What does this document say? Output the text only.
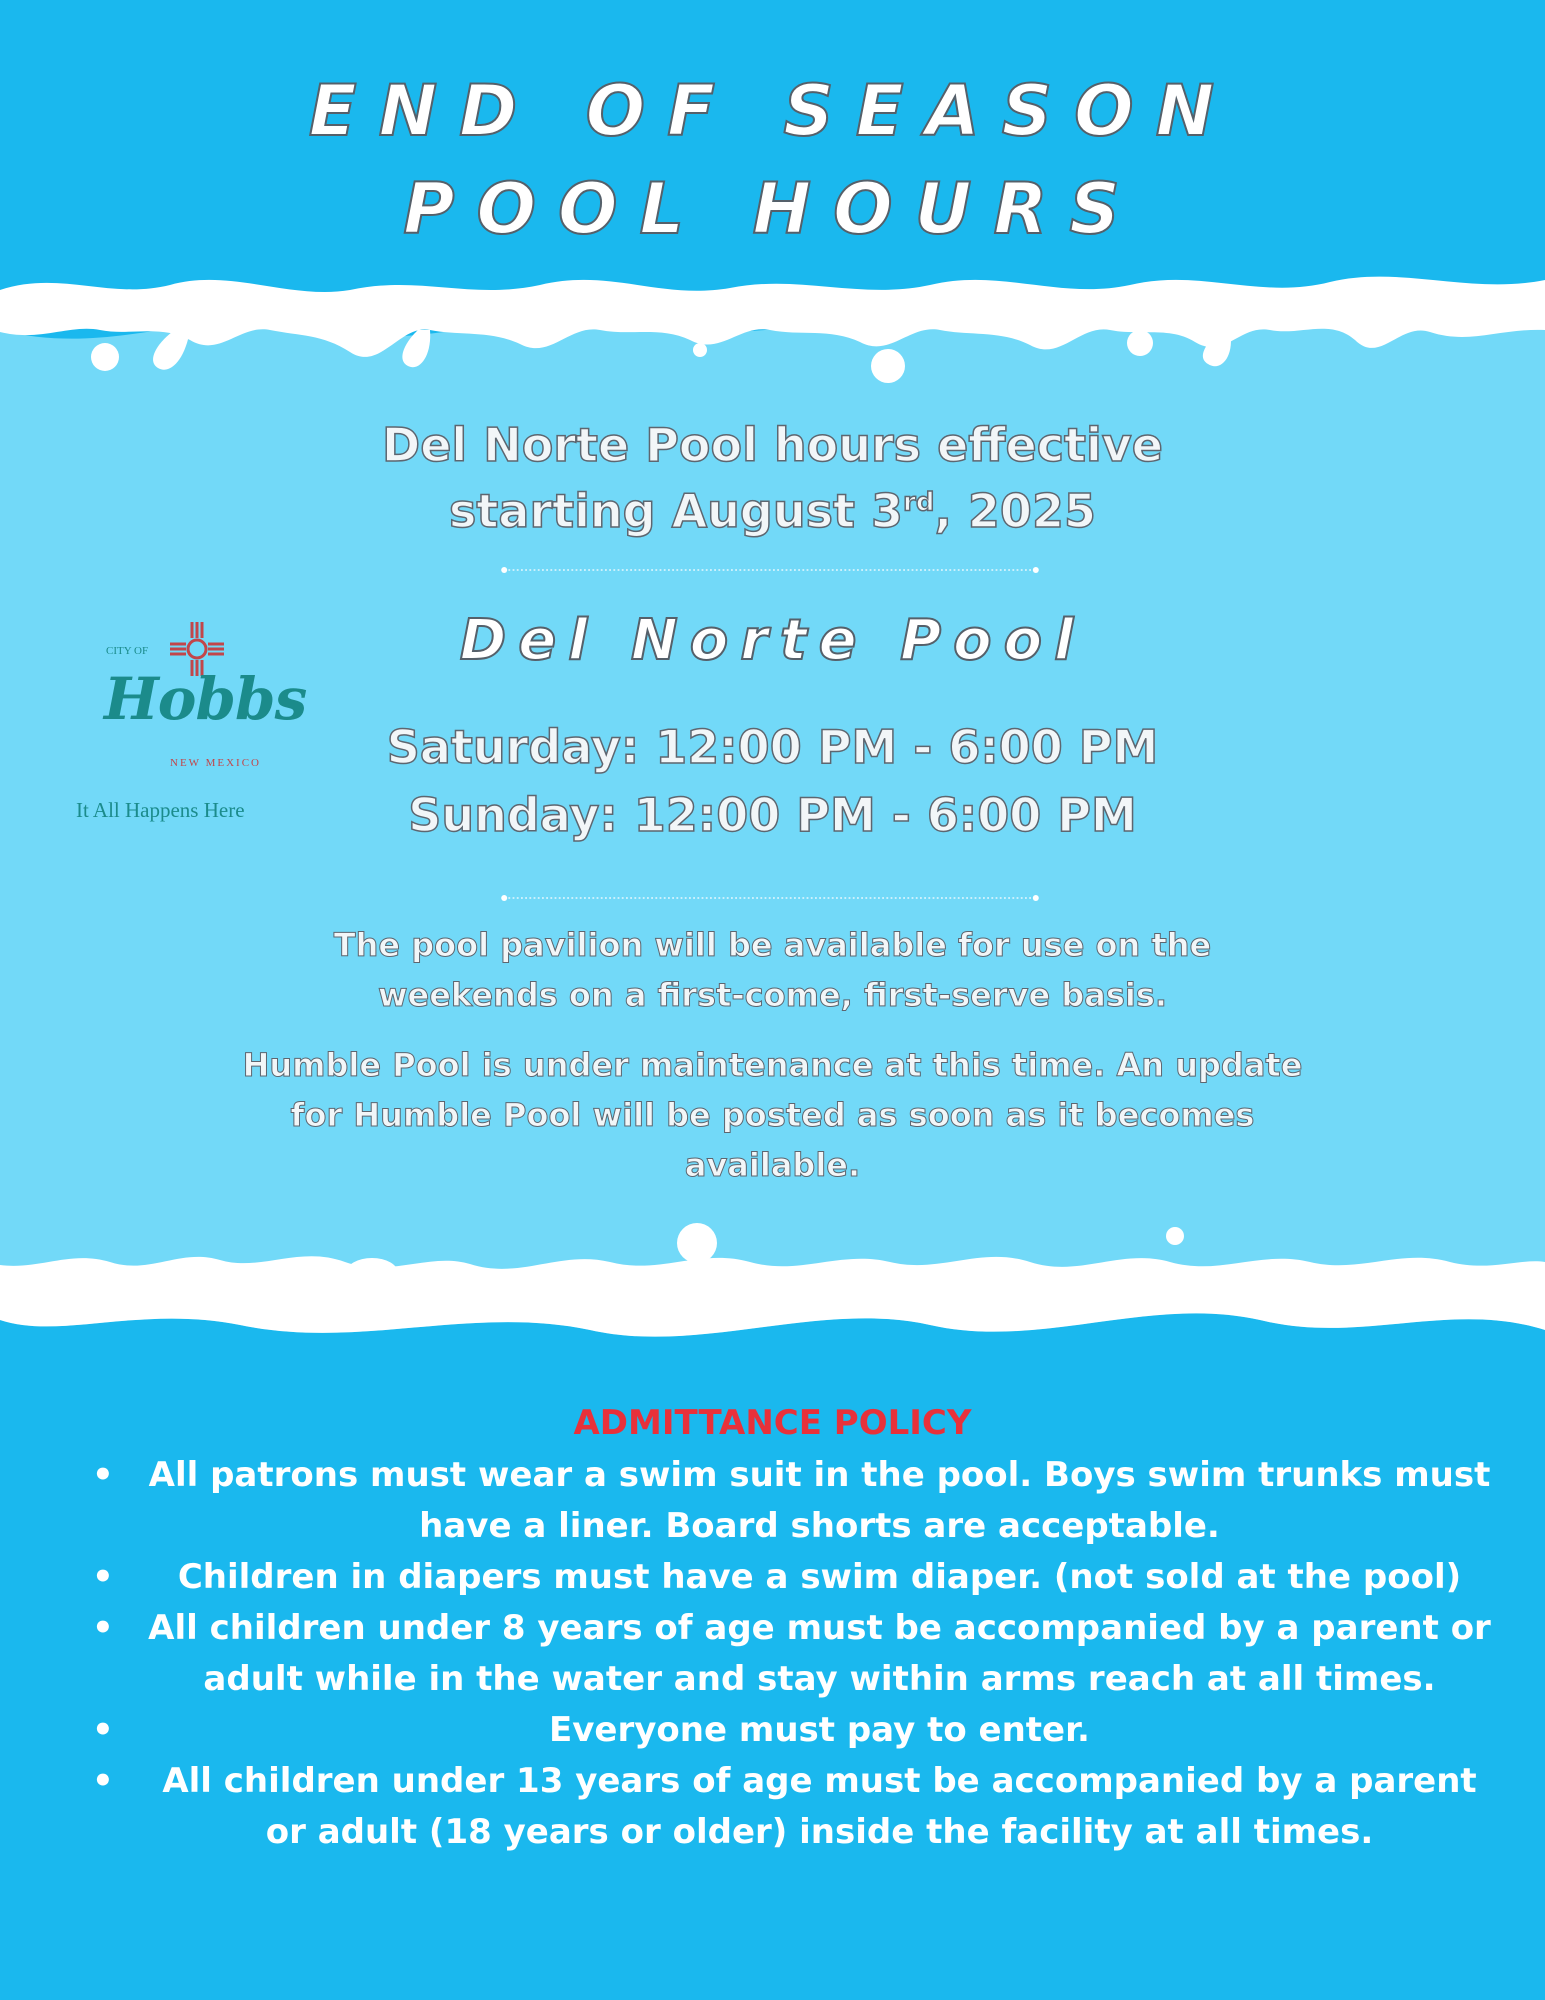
END OF SEASON
POOL HOURS
Del Norte Pool hours effective
starting August 3rd, 2025
Del Norte Pool
Saturday: 12:00 PM - 6:00 PM
Sunday: 12:00 PM - 6:00 PM
The pool pavilion will be available for use on the weekends on a first-come, first-serve basis.
Humble Pool is under maintenance at this time. An update for Humble Pool will be posted as soon as it becomes available.
CITY OF
Hobbs
NEW MEXICO
It All Happens Here
ADMITTANCE POLICY
• All patrons must wear a swim suit in the pool. Boys swim trunks must have a liner. Board shorts are acceptable.
• Children in diapers must have a swim diaper. (not sold at the pool)
• All children under 8 years of age must be accompanied by a parent or adult while in the water and stay within arms reach at all times.
•	Everyone must pay to enter.
• All children under 13 years of age must be accompanied by a parent or adult (18 years or older) inside the facility at all times.
